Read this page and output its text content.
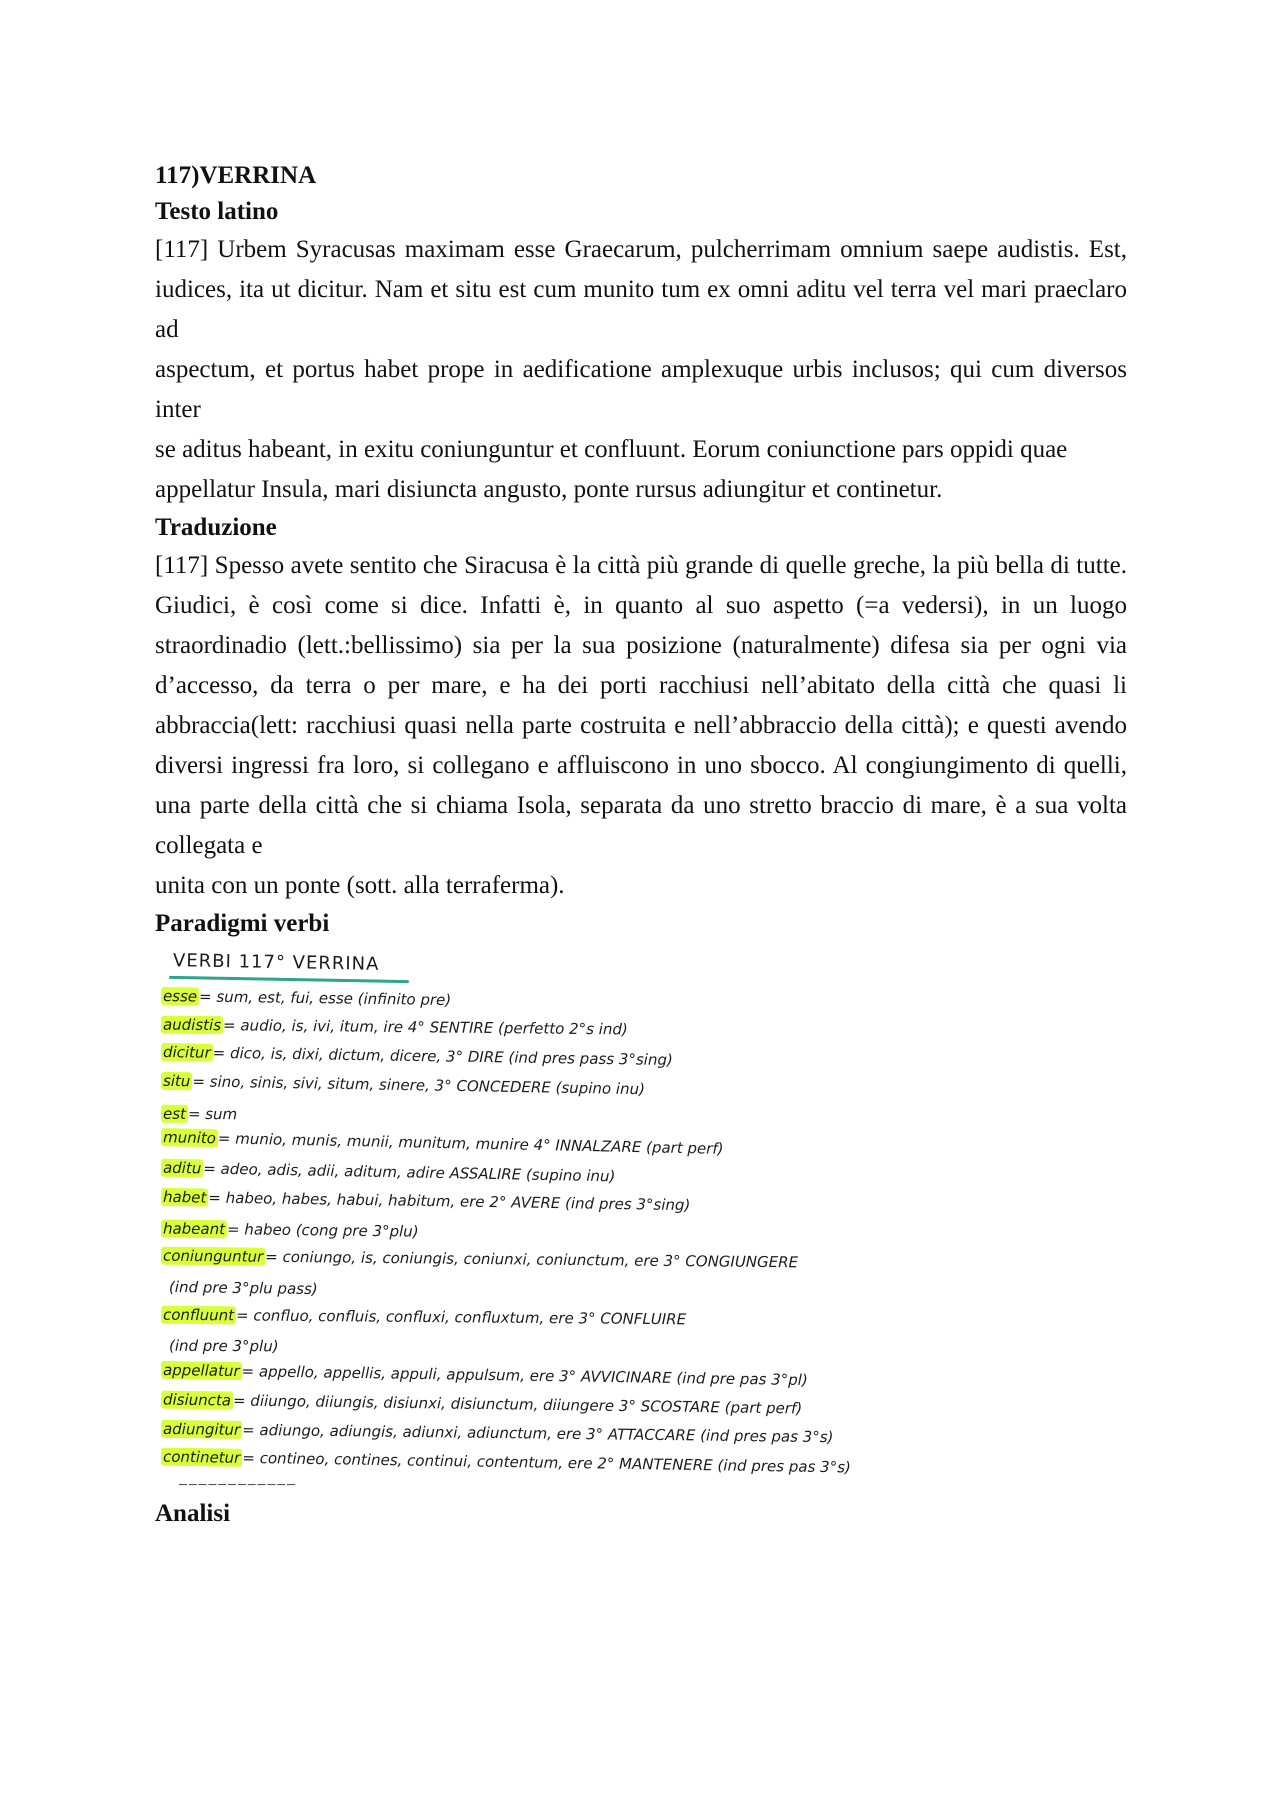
117)VERRINA
Testo latino

[117] Urbem Syracusas maximam esse Graecarum, pulcherrimam omnium saepe audistis. Est, iudices, ita ut dicitur. Nam et situ est cum munito tum ex omni aditu vel terra vel mari praeclaro ad

aspectum, et portus habet prope in aedificatione amplexuque urbis inclusos; qui cum diversos inter

se aditus habeant, in exitu coniunguntur et confluunt. Eorum coniunctione pars oppidi quae

appellatur Insula, mari disiuncta angusto, ponte rursus adiungitur et continetur.

Traduzione

[117] Spesso avete sentito che Siracusa è la città più grande di quelle greche, la più bella di tutte. Giudici, è così come si dice. Infatti è, in quanto al suo aspetto (=a vedersi), in un luogo straordinadio (lett.:bellissimo) sia per la sua posizione (naturalmente) difesa sia per ogni via d’accesso, da terra o per mare, e ha dei porti racchiusi nell’abitato della città che quasi li abbraccia(lett: racchiusi quasi nella parte costruita e nell’abbraccio della città); e questi avendo diversi ingressi fra loro, si collegano e affluiscono in uno sbocco. Al congiungimento di quelli, una parte della città che si chiama Isola, separata da uno stretto braccio di mare, è a sua volta collegata e

unita con un ponte (sott. alla terraferma).

Paradigmi verbi
VERBI 117° VERRINA
esse = sum, est, fui, esse (infinito pre)
audistis = audio, is, ivi, itum, ire 4° SENTIRE (perfetto 2°s ind)
dicitur = dico, is, dixi, dictum, dicere, 3° DIRE (ind pres pass 3°sing)
situ = sino, sinis, sivi, situm, sinere, 3° CONCEDERE (supino inu)
est = sum
munito = munio, munis, munii, munitum, munire 4° INNALZARE (part perf)
aditu = adeo, adis, adii, aditum, adire ASSALIRE (supino inu)
habet = habeo, habes, habui, habitum, ere 2° AVERE (ind pres 3°sing)
habeant = habeo (cong pre 3°plu)
coniunguntur = coniungo, is, coniungis, coniunxi, coniunctum, ere 3° CONGIUNGERE
(ind pre 3°plu pass)
confluunt = confluo, confluis, confluxi, confluxtum, ere 3° CONFLUIRE
(ind pre 3°plu)
appellatur = appello, appellis, appuli, appulsum, ere 3° AVVICINARE (ind pre pas 3°pl)
disiuncta = diiungo, diiungis, disiunxi, disiunctum, diiungere 3° SCOSTARE (part perf)
adiungitur = adiungo, adiungis, adiunxi, adiunctum, ere 3° ATTACCARE (ind pres pas 3°s)
continetur = contineo, contines, continui, contentum, ere 2° MANTENERE (ind pres pas 3°s)
────────────
Analisi
